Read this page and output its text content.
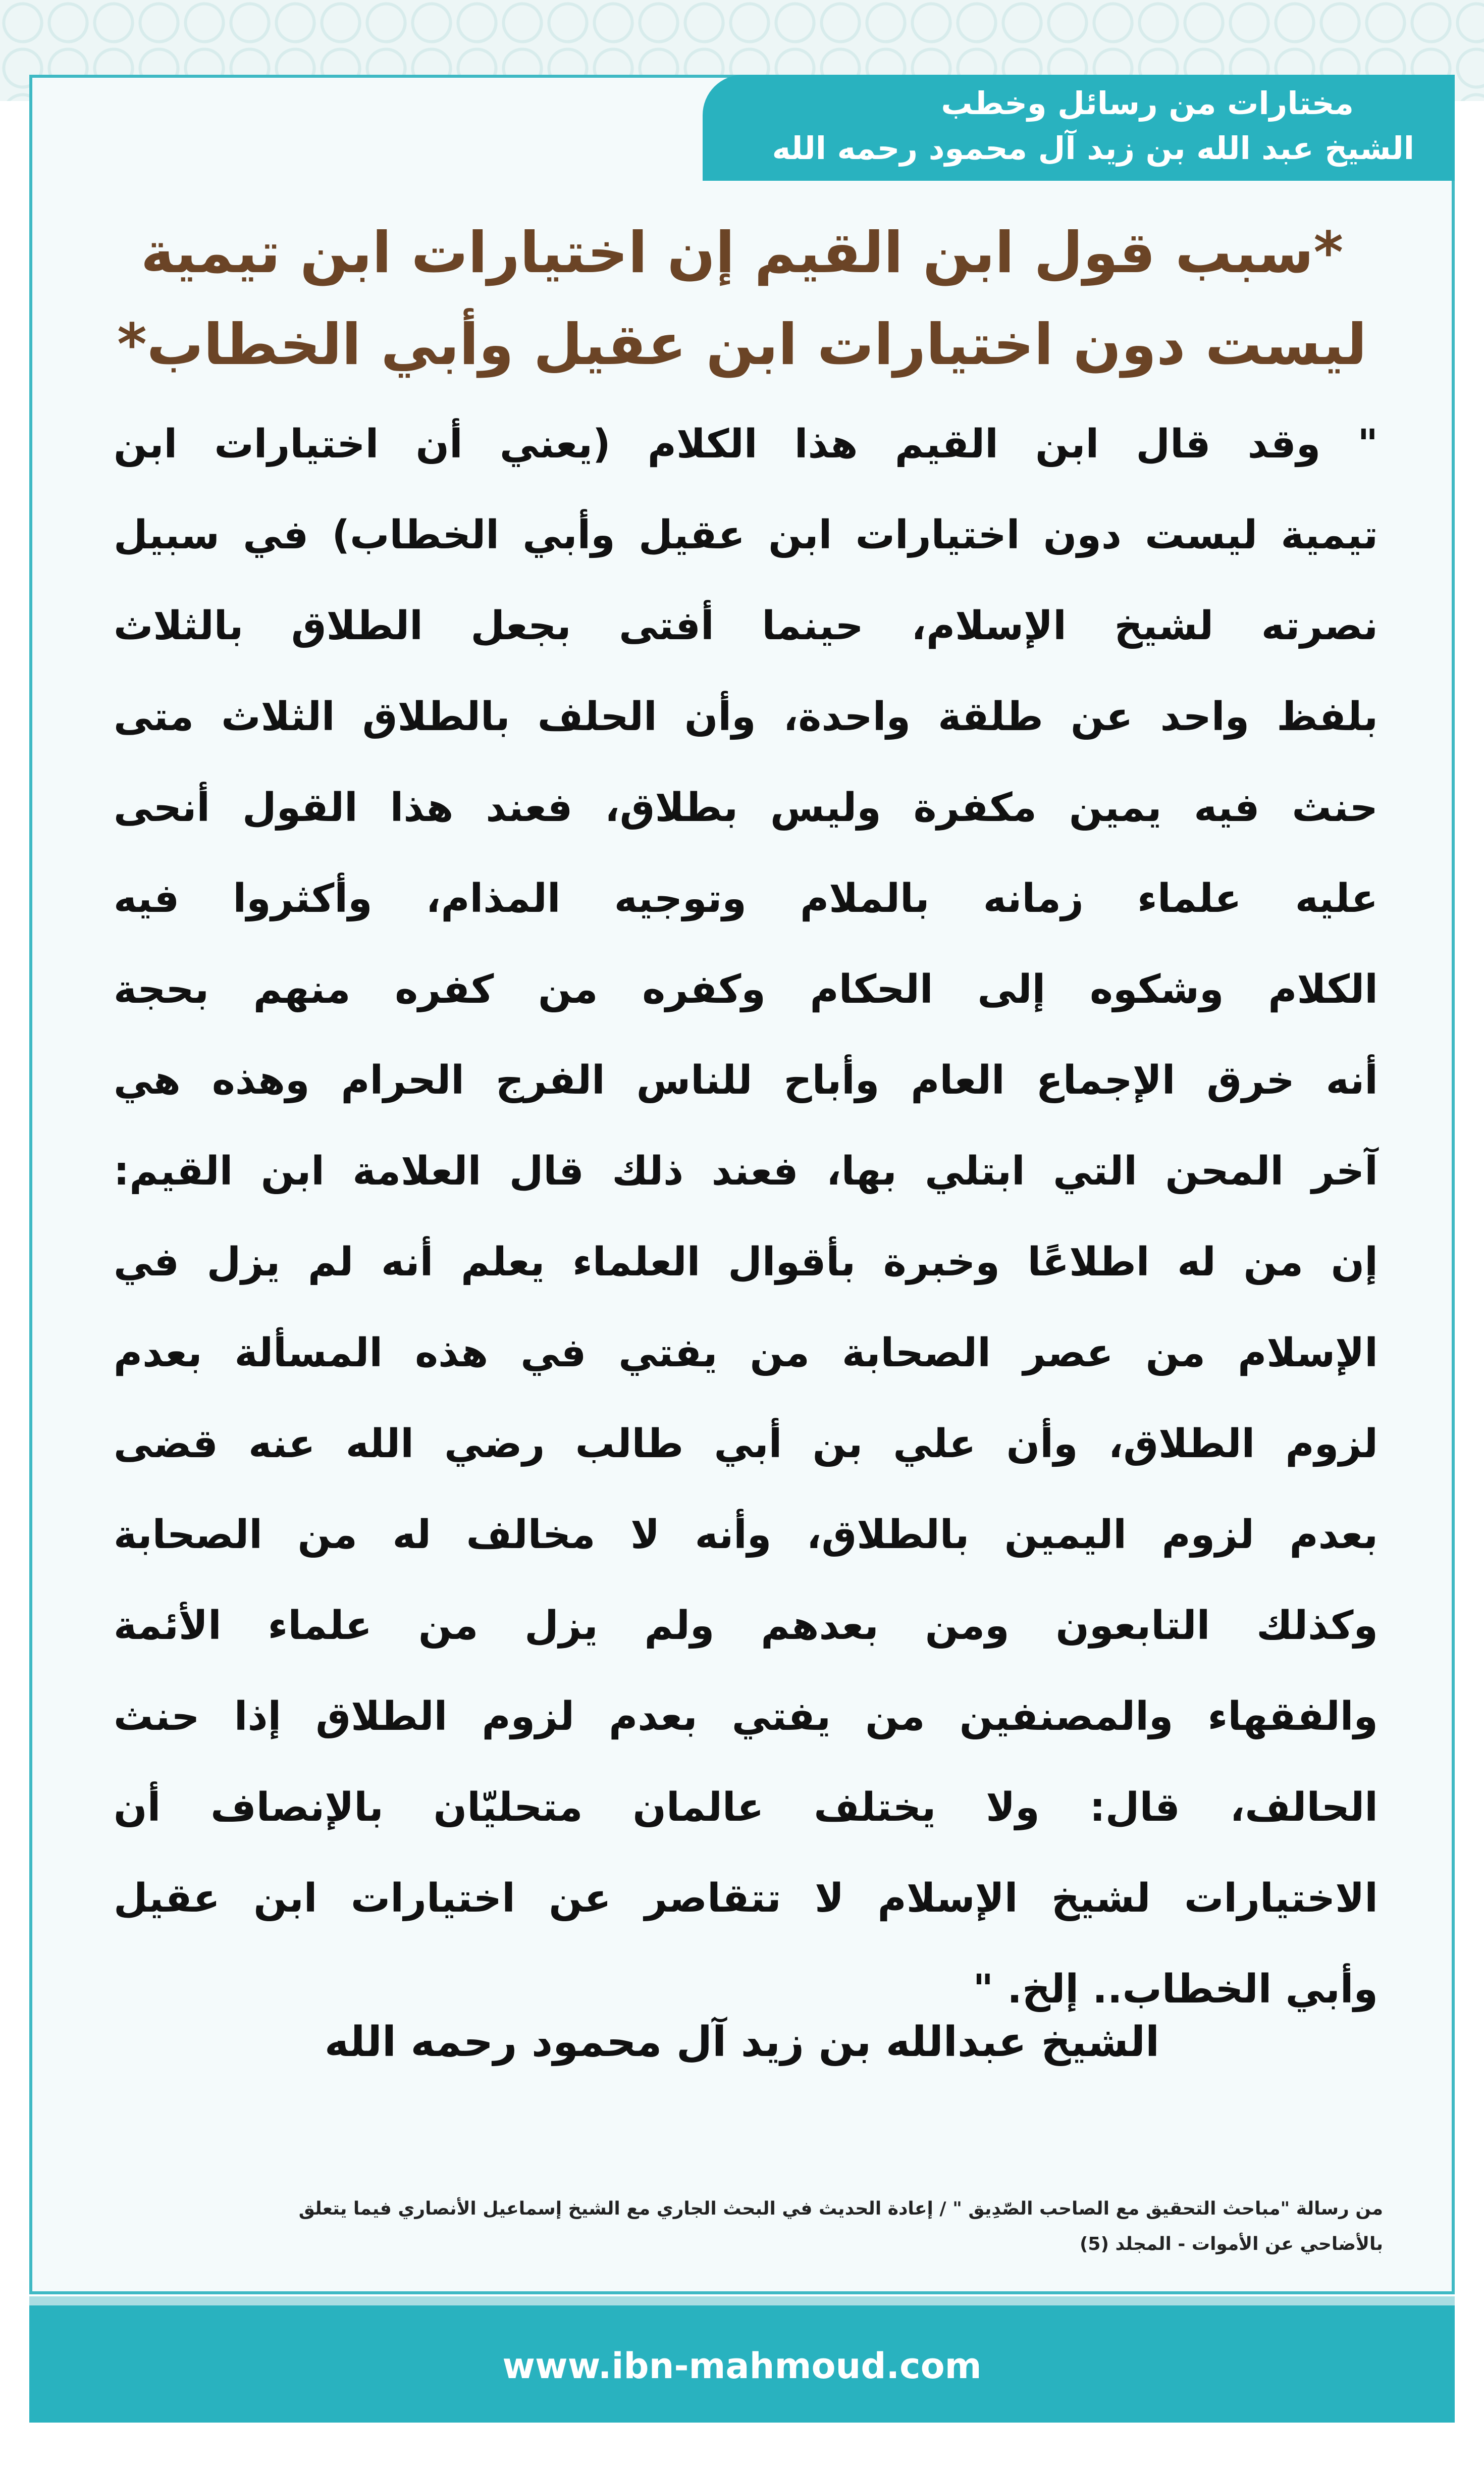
مختارات من رسائل وخطب
الشيخ عبد الله بن زيد آل محمود رحمه الله
*سبب قول ابن القيم إن اختيارات ابن تيمية
ليست دون اختيارات ابن عقيل وأبي الخطاب*
" وقد قال ابن القيم هذا الكلام (يعني أن اختيارات ابن
تيمية ليست دون اختيارات ابن عقيل وأبي الخطاب) في سبيل
نصرته لشيخ الإسلام، حينما أفتى بجعل الطلاق بالثلاث
بلفظ واحد عن طلقة واحدة، وأن الحلف بالطلاق الثلاث متى
حنث فيه يمين مكفرة وليس بطلاق، فعند هذا القول أنحى
عليه علماء زمانه بالملام وتوجيه المذام، وأكثروا فيه
الكلام وشكوه إلى الحكام وكفره من كفره منهم بحجة
أنه خرق الإجماع العام وأباح للناس الفرج الحرام وهذه هي
آخر المحن التي ابتلي بها، فعند ذلك قال العلامة ابن القيم:
إن من له اطلاعًا وخبرة بأقوال العلماء يعلم أنه لم يزل في
الإسلام من عصر الصحابة من يفتي في هذه المسألة بعدم
لزوم الطلاق، وأن علي بن أبي طالب رضي الله عنه قضى
بعدم لزوم اليمين بالطلاق، وأنه لا مخالف له من الصحابة
وكذلك التابعون ومن بعدهم ولم يزل من علماء الأئمة
والفقهاء والمصنفين من يفتي بعدم لزوم الطلاق إذا حنث
الحالف، قال: ولا يختلف عالمان متحليّان بالإنصاف أن
الاختيارات لشيخ الإسلام لا تتقاصر عن اختيارات ابن عقيل
وأبي الخطاب.. إلخ. "
الشيخ عبدالله بن زيد آل محمود رحمه الله
من رسالة "مباحث التحقيق مع الصاحب الصّدِيق " / إعادة الحديث في البحث الجاري مع الشيخ إسماعيل الأنصاري فيما يتعلق
بالأضاحي عن الأموات - المجلد (5)
www.ibn-mahmoud.com
